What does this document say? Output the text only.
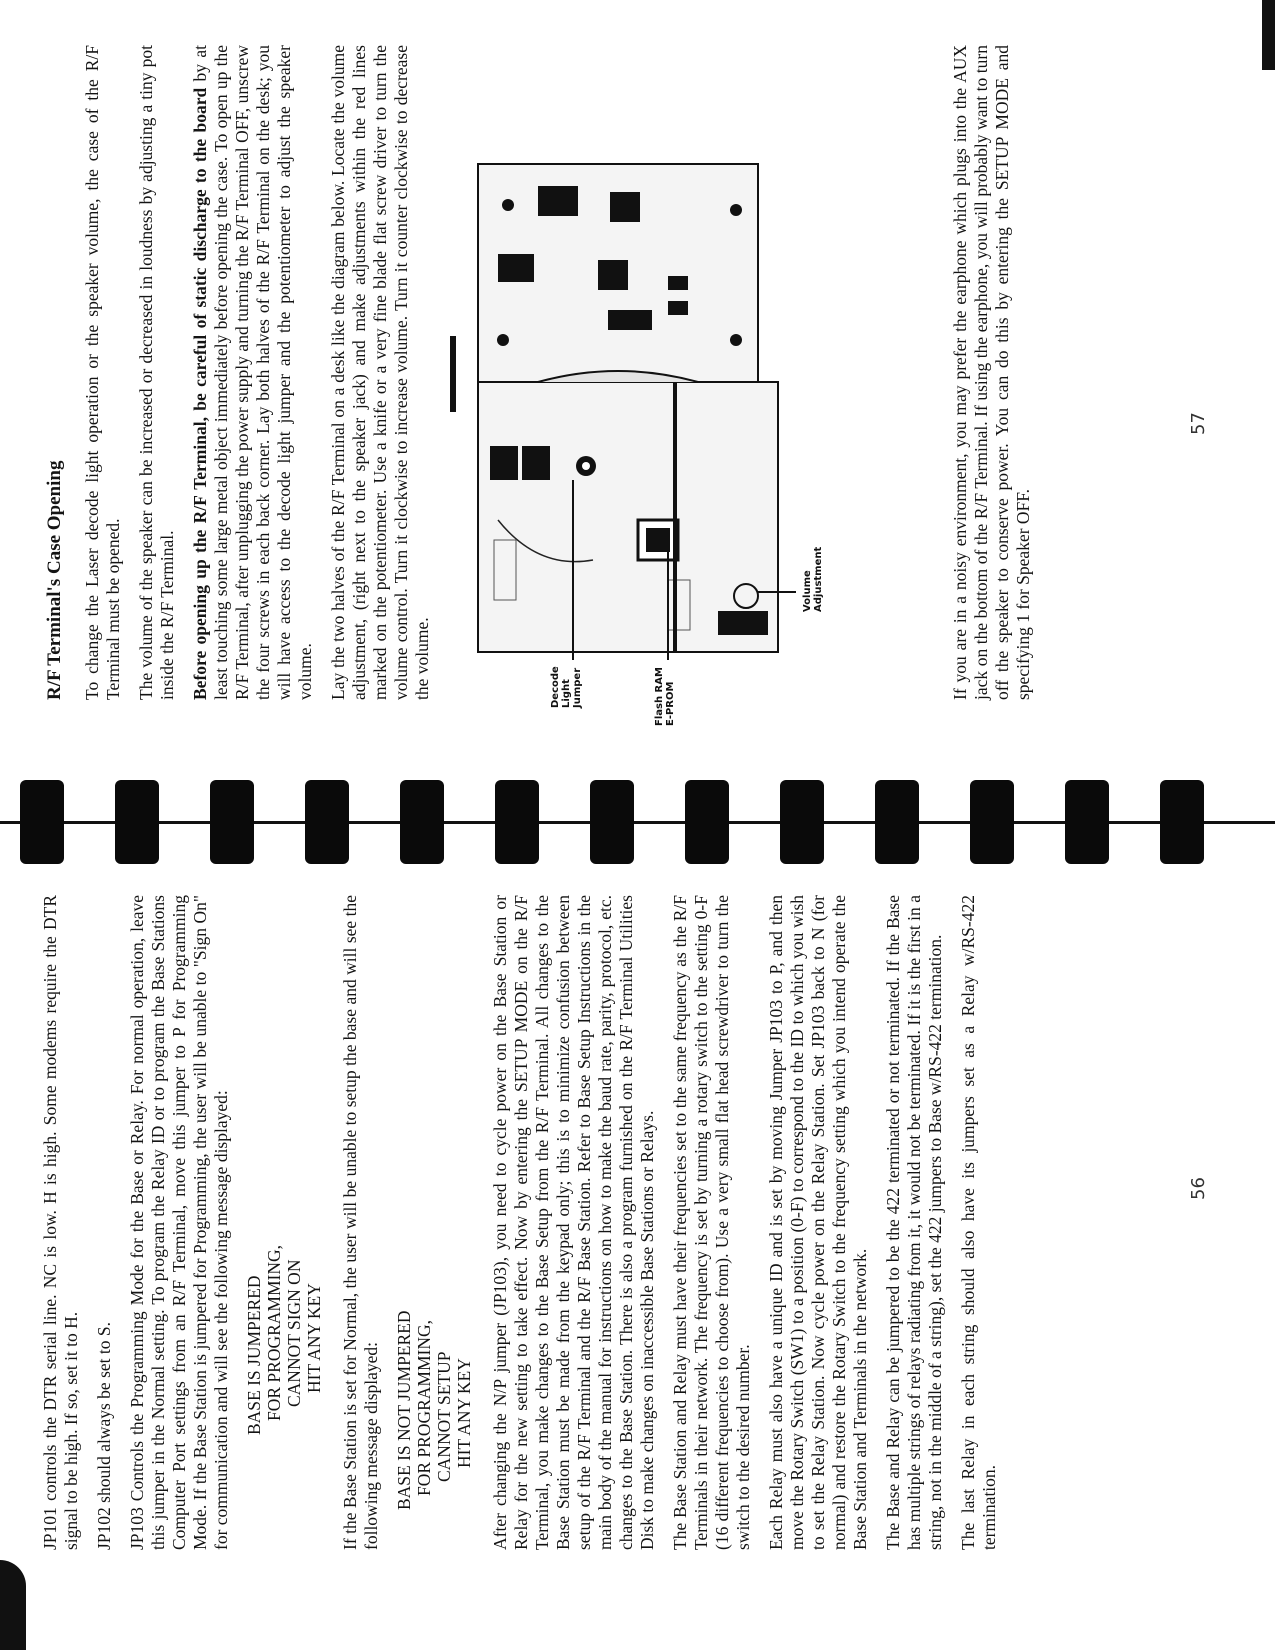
JP101 controls the DTR serial line. NC is low. H is high. Some modems require the DTR signal to be high. If so, set it to H. JP102 should always be set to S. JP103 Controls the Programming Mode for the Base or Relay. For normal operation, leave this jumper in the Normal setting. To program the Relay ID or to program the Base Stations Computer Port settings from an R/F Terminal, move this jumper to P for Programming Mode. If the Base Station is jumpered for Programming, the user will be unable to "Sign On" for communication and will see the following message displayed: BASE IS JUMPERED FOR PROGRAMMING, CANNOT SIGN ON HIT ANY KEY If the Base Station is set for Normal, the user will be unable to setup the base and will see the following message displayed: BASE IS NOT JUMPERED FOR PROGRAMMING, CANNOT SETUP HIT ANY KEY After changing the N/P jumper (JP103), you need to cycle power on the Base Station or Relay for the new setting to take effect. Now by entering the SETUP MODE on the R/F Terminal, you make changes to the Base Setup from the R/F Terminal. All changes to the Base Station must be made from the keypad only; this is to minimize confusion between setup of the R/F Terminal and the R/F Base Station. Refer to Base Setup Instructions in the main body of the manual for instructions on how to make the baud rate, parity, protocol, etc. changes to the Base Station. There is also a program furnished on the R/F Terminal Utilities Disk to make changes on inaccessible Base Stations or Relays. The Base Station and Relay must have their frequencies set to the same frequency as the R/F Terminals in their network. The frequency is set by turning a rotary switch to the setting 0-F (16 different frequencies to choose from). Use a very small flat head screwdriver to turn the switch to the desired number. Each Relay must also have a unique ID and is set by moving Jumper JP103 to P, and then move the Rotary Switch (SW1) to a position (0-F) to correspond to the ID to which you wish to set the Relay Station. Now cycle power on the Relay Station. Set JP103 back to N (for normal) and restore the Rotary Switch to the frequency setting which you intend operate the Base Station and Terminals in the network. The Base and Relay can be jumpered to be the 422 terminated or not terminated. If the Base has multiple strings of relays radiating from it, it would not be terminated. If it is the first in a string, not in the middle of a string), set the 422 jumpers to Base w/RS-422 termination. The last Relay in each string should also have its jumpers set as a Relay w/RS-422 termination.

56
R/F Terminal's Case Opening To change the Laser decode light operation or the speaker volume, the case of the R/F Terminal must be opened. The volume of the speaker can be increased or decreased in loudness by adjusting a tiny pot inside the R/F Terminal. Before opening up the R/F Terminal, be careful of static discharge to the board by at least touching some large metal object immediately before opening the case. To open up the R/F Terminal, after unplugging the power supply and turning the R/F Terminal OFF, unscrew the four screws in each back corner. Lay both halves of the R/F Terminal on the desk; you will have access to the decode light jumper and the potentiometer to adjust the speaker volume. Lay the two halves of the R/F Terminal on a desk like the diagram below. Locate the volume adjustment, (right next to the speaker jack) and make adjustments within the red lines marked on the potentiometer. Use a knife or a very fine blade flat screw driver to turn the volume control. Turn it clockwise to increase volume. Turn it counter clockwise to decrease the volume.	Decode
Light
Jumper
Flash RAM
E-PROM
Volume
Adjustment	If you are in a noisy environment, you may prefer the earphone which plugs into the AUX jack on the bottom of the R/F Terminal. If using the earphone, you will probably want to turn off the speaker to conserve power. You can do this by entering the SETUP MODE and specifying 1 for Speaker OFF.

57
